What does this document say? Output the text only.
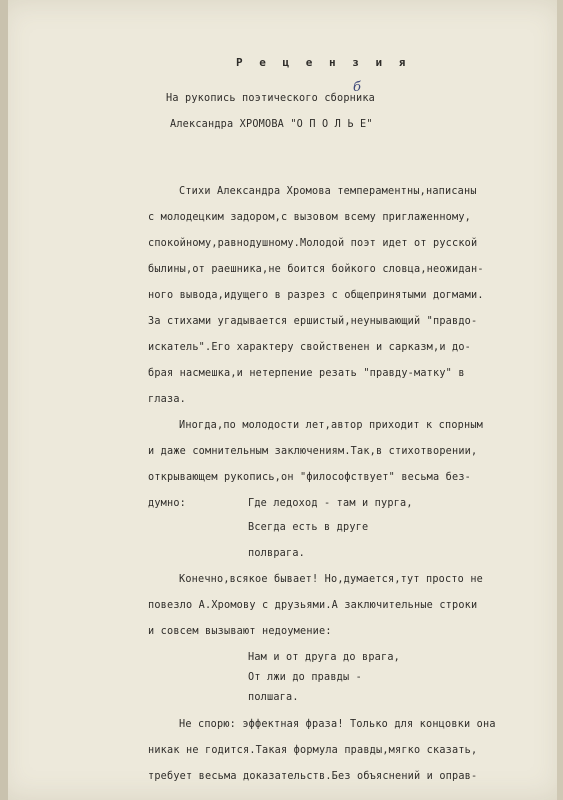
Р е ц е н з и я
На рукопись поэтического сборника
б
Александра ХРОМОВА "О П О Л Ь Е"
Стихи Александра Хромова темпераментны,написаны
с молодецким задором,с вызовом всему приглаженному,
спокойному,равнодушному.Молодой поэт идет от русской
былины,от раешника,не боится бойкого словца,неожидан-
ного вывода,идущего в разрез с общепринятыми догмами.
За стихами угадывается ершистый,неунывающий "правдо-
искатель".Его характеру свойственен и сарказм,и до-
брая насмешка,и нетерпение резать "правду-матку" в
глаза.
Иногда,по молодости лет,автор приходит к спорным
и даже сомнительным заключениям.Так,в стихотворении,
открывающем рукопись,он "философствует" весьма без-
думно:	Где ледоход - там и пурга,
Всегда есть в друге
полврага.
Конечно,всякое бывает! Но,думается,тут просто не
повезло А.Хромову с друзьями.А заключительные строки
и совсем вызывают недоумение:
Нам и от друга до врага,
От лжи до правды -
полшага.
Не спорю: эффектная фраза! Только для концовки она
никак не годится.Такая формула правды,мягко сказать,
требует весьма доказательств.Без объяснений и оправ-
